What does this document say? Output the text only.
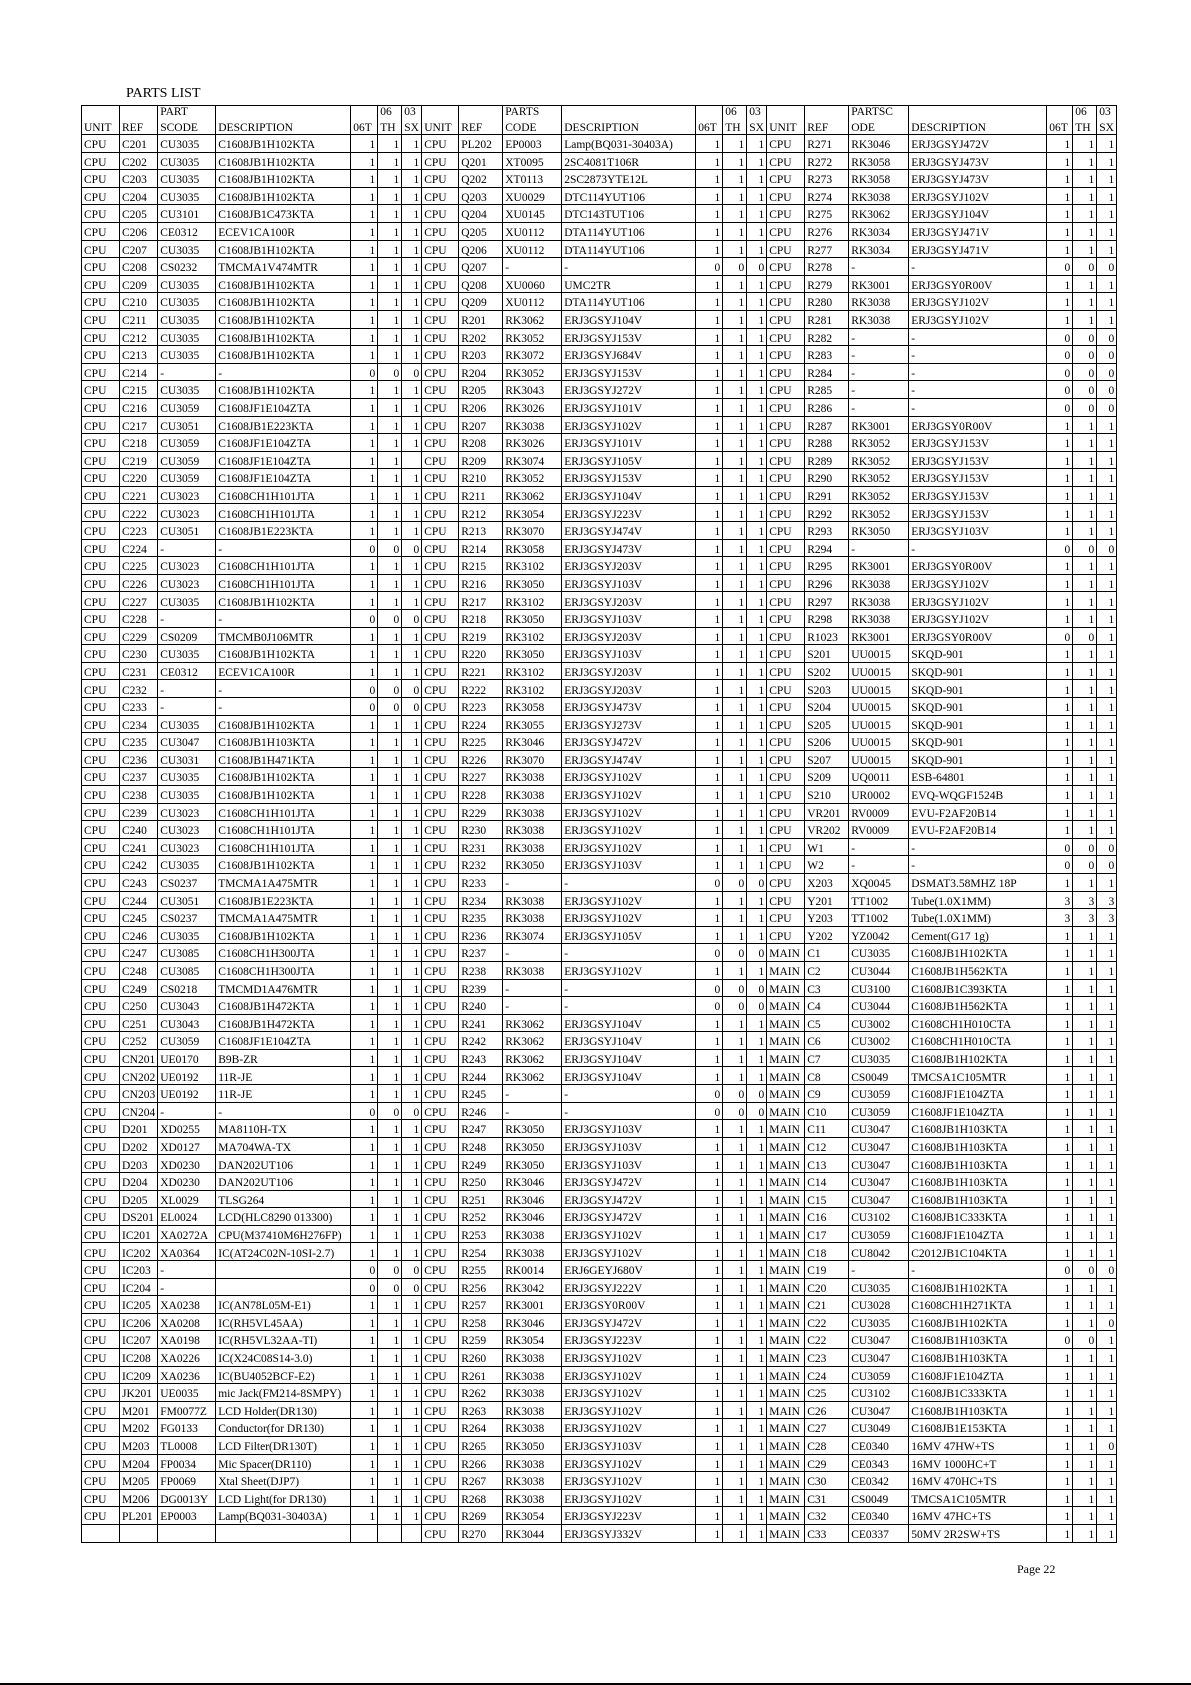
PARTS LIST
		PART			06	03			PARTS			06	03			PARTSC			06	03
UNIT	REF	SCODE	DESCRIPTION	06T	TH	SX	UNIT	REF	CODE	DESCRIPTION	06T	TH	SX	UNIT	REF	ODE	DESCRIPTION	06T	TH	SX
CPU	C201	CU3035	C1608JB1H102KTA	1	1	1	CPU	PL202	EP0003	Lamp(BQ031-30403A)	1	1	1	CPU	R271	RK3046	ERJ3GSYJ472V	1	1	1
CPU	C202	CU3035	C1608JB1H102KTA	1	1	1	CPU	Q201	XT0095	2SC4081T106R	1	1	1	CPU	R272	RK3058	ERJ3GSYJ473V	1	1	1
CPU	C203	CU3035	C1608JB1H102KTA	1	1	1	CPU	Q202	XT0113	2SC2873YTE12L	1	1	1	CPU	R273	RK3058	ERJ3GSYJ473V	1	1	1
CPU	C204	CU3035	C1608JB1H102KTA	1	1	1	CPU	Q203	XU0029	DTC114YUT106	1	1	1	CPU	R274	RK3038	ERJ3GSYJ102V	1	1	1
CPU	C205	CU3101	C1608JB1C473KTA	1	1	1	CPU	Q204	XU0145	DTC143TUT106	1	1	1	CPU	R275	RK3062	ERJ3GSYJ104V	1	1	1
CPU	C206	CE0312	ECEV1CA100R	1	1	1	CPU	Q205	XU0112	DTA114YUT106	1	1	1	CPU	R276	RK3034	ERJ3GSYJ471V	1	1	1
CPU	C207	CU3035	C1608JB1H102KTA	1	1	1	CPU	Q206	XU0112	DTA114YUT106	1	1	1	CPU	R277	RK3034	ERJ3GSYJ471V	1	1	1
CPU	C208	CS0232	TMCMA1V474MTR	1	1	1	CPU	Q207	-	-	0	0	0	CPU	R278	-	-	0	0	0
CPU	C209	CU3035	C1608JB1H102KTA	1	1	1	CPU	Q208	XU0060	UMC2TR	1	1	1	CPU	R279	RK3001	ERJ3GSY0R00V	1	1	1
CPU	C210	CU3035	C1608JB1H102KTA	1	1	1	CPU	Q209	XU0112	DTA114YUT106	1	1	1	CPU	R280	RK3038	ERJ3GSYJ102V	1	1	1
CPU	C211	CU3035	C1608JB1H102KTA	1	1	1	CPU	R201	RK3062	ERJ3GSYJ104V	1	1	1	CPU	R281	RK3038	ERJ3GSYJ102V	1	1	1
CPU	C212	CU3035	C1608JB1H102KTA	1	1	1	CPU	R202	RK3052	ERJ3GSYJ153V	1	1	1	CPU	R282	-	-	0	0	0
CPU	C213	CU3035	C1608JB1H102KTA	1	1	1	CPU	R203	RK3072	ERJ3GSYJ684V	1	1	1	CPU	R283	-	-	0	0	0
CPU	C214	-	-	0	0	0	CPU	R204	RK3052	ERJ3GSYJ153V	1	1	1	CPU	R284	-	-	0	0	0
CPU	C215	CU3035	C1608JB1H102KTA	1	1	1	CPU	R205	RK3043	ERJ3GSYJ272V	1	1	1	CPU	R285	-	-	0	0	0
CPU	C216	CU3059	C1608JF1E104ZTA	1	1	1	CPU	R206	RK3026	ERJ3GSYJ101V	1	1	1	CPU	R286	-	-	0	0	0
CPU	C217	CU3051	C1608JB1E223KTA	1	1	1	CPU	R207	RK3038	ERJ3GSYJ102V	1	1	1	CPU	R287	RK3001	ERJ3GSY0R00V	1	1	1
CPU	C218	CU3059	C1608JF1E104ZTA	1	1	1	CPU	R208	RK3026	ERJ3GSYJ101V	1	1	1	CPU	R288	RK3052	ERJ3GSYJ153V	1	1	1
CPU	C219	CU3059	C1608JF1E104ZTA	1	1		CPU	R209	RK3074	ERJ3GSYJ105V	1	1	1	CPU	R289	RK3052	ERJ3GSYJ153V	1	1	1
CPU	C220	CU3059	C1608JF1E104ZTA	1	1	1	CPU	R210	RK3052	ERJ3GSYJ153V	1	1	1	CPU	R290	RK3052	ERJ3GSYJ153V	1	1	1
CPU	C221	CU3023	C1608CH1H101JTA	1	1	1	CPU	R211	RK3062	ERJ3GSYJ104V	1	1	1	CPU	R291	RK3052	ERJ3GSYJ153V	1	1	1
CPU	C222	CU3023	C1608CH1H101JTA	1	1	1	CPU	R212	RK3054	ERJ3GSYJ223V	1	1	1	CPU	R292	RK3052	ERJ3GSYJ153V	1	1	1
CPU	C223	CU3051	C1608JB1E223KTA	1	1	1	CPU	R213	RK3070	ERJ3GSYJ474V	1	1	1	CPU	R293	RK3050	ERJ3GSYJ103V	1	1	1
CPU	C224	-	-	0	0	0	CPU	R214	RK3058	ERJ3GSYJ473V	1	1	1	CPU	R294	-	-	0	0	0
CPU	C225	CU3023	C1608CH1H101JTA	1	1	1	CPU	R215	RK3102	ERJ3GSYJ203V	1	1	1	CPU	R295	RK3001	ERJ3GSY0R00V	1	1	1
CPU	C226	CU3023	C1608CH1H101JTA	1	1	1	CPU	R216	RK3050	ERJ3GSYJ103V	1	1	1	CPU	R296	RK3038	ERJ3GSYJ102V	1	1	1
CPU	C227	CU3035	C1608JB1H102KTA	1	1	1	CPU	R217	RK3102	ERJ3GSYJ203V	1	1	1	CPU	R297	RK3038	ERJ3GSYJ102V	1	1	1
CPU	C228	-	-	0	0	0	CPU	R218	RK3050	ERJ3GSYJ103V	1	1	1	CPU	R298	RK3038	ERJ3GSYJ102V	1	1	1
CPU	C229	CS0209	TMCMB0J106MTR	1	1	1	CPU	R219	RK3102	ERJ3GSYJ203V	1	1	1	CPU	R1023	RK3001	ERJ3GSY0R00V	0	0	1
CPU	C230	CU3035	C1608JB1H102KTA	1	1	1	CPU	R220	RK3050	ERJ3GSYJ103V	1	1	1	CPU	S201	UU0015	SKQD-901	1	1	1
CPU	C231	CE0312	ECEV1CA100R	1	1	1	CPU	R221	RK3102	ERJ3GSYJ203V	1	1	1	CPU	S202	UU0015	SKQD-901	1	1	1
CPU	C232	-	-	0	0	0	CPU	R222	RK3102	ERJ3GSYJ203V	1	1	1	CPU	S203	UU0015	SKQD-901	1	1	1
CPU	C233	-	-	0	0	0	CPU	R223	RK3058	ERJ3GSYJ473V	1	1	1	CPU	S204	UU0015	SKQD-901	1	1	1
CPU	C234	CU3035	C1608JB1H102KTA	1	1	1	CPU	R224	RK3055	ERJ3GSYJ273V	1	1	1	CPU	S205	UU0015	SKQD-901	1	1	1
CPU	C235	CU3047	C1608JB1H103KTA	1	1	1	CPU	R225	RK3046	ERJ3GSYJ472V	1	1	1	CPU	S206	UU0015	SKQD-901	1	1	1
CPU	C236	CU3031	C1608JB1H471KTA	1	1	1	CPU	R226	RK3070	ERJ3GSYJ474V	1	1	1	CPU	S207	UU0015	SKQD-901	1	1	1
CPU	C237	CU3035	C1608JB1H102KTA	1	1	1	CPU	R227	RK3038	ERJ3GSYJ102V	1	1	1	CPU	S209	UQ0011	ESB-64801	1	1	1
CPU	C238	CU3035	C1608JB1H102KTA	1	1	1	CPU	R228	RK3038	ERJ3GSYJ102V	1	1	1	CPU	S210	UR0002	EVQ-WQGF1524B	1	1	1
CPU	C239	CU3023	C1608CH1H101JTA	1	1	1	CPU	R229	RK3038	ERJ3GSYJ102V	1	1	1	CPU	VR201	RV0009	EVU-F2AF20B14	1	1	1
CPU	C240	CU3023	C1608CH1H101JTA	1	1	1	CPU	R230	RK3038	ERJ3GSYJ102V	1	1	1	CPU	VR202	RV0009	EVU-F2AF20B14	1	1	1
CPU	C241	CU3023	C1608CH1H101JTA	1	1	1	CPU	R231	RK3038	ERJ3GSYJ102V	1	1	1	CPU	W1	-	-	0	0	0
CPU	C242	CU3035	C1608JB1H102KTA	1	1	1	CPU	R232	RK3050	ERJ3GSYJ103V	1	1	1	CPU	W2	-	-	0	0	0
CPU	C243	CS0237	TMCMA1A475MTR	1	1	1	CPU	R233	-	-	0	0	0	CPU	X203	XQ0045	DSMAT3.58MHZ 18P	1	1	1
CPU	C244	CU3051	C1608JB1E223KTA	1	1	1	CPU	R234	RK3038	ERJ3GSYJ102V	1	1	1	CPU	Y201	TT1002	Tube(1.0X1MM)	3	3	3
CPU	C245	CS0237	TMCMA1A475MTR	1	1	1	CPU	R235	RK3038	ERJ3GSYJ102V	1	1	1	CPU	Y203	TT1002	Tube(1.0X1MM)	3	3	3
CPU	C246	CU3035	C1608JB1H102KTA	1	1	1	CPU	R236	RK3074	ERJ3GSYJ105V	1	1	1	CPU	Y202	YZ0042	Cement(G17 1g)	1	1	1
CPU	C247	CU3085	C1608CH1H300JTA	1	1	1	CPU	R237	-	-	0	0	0	MAIN	C1	CU3035	C1608JB1H102KTA	1	1	1
CPU	C248	CU3085	C1608CH1H300JTA	1	1	1	CPU	R238	RK3038	ERJ3GSYJ102V	1	1	1	MAIN	C2	CU3044	C1608JB1H562KTA	1	1	1
CPU	C249	CS0218	TMCMD1A476MTR	1	1	1	CPU	R239	-	-	0	0	0	MAIN	C3	CU3100	C1608JB1C393KTA	1	1	1
CPU	C250	CU3043	C1608JB1H472KTA	1	1	1	CPU	R240	-	-	0	0	0	MAIN	C4	CU3044	C1608JB1H562KTA	1	1	1
CPU	C251	CU3043	C1608JB1H472KTA	1	1	1	CPU	R241	RK3062	ERJ3GSYJ104V	1	1	1	MAIN	C5	CU3002	C1608CH1H010CTA	1	1	1
CPU	C252	CU3059	C1608JF1E104ZTA	1	1	1	CPU	R242	RK3062	ERJ3GSYJ104V	1	1	1	MAIN	C6	CU3002	C1608CH1H010CTA	1	1	1
CPU	CN201	UE0170	B9B-ZR	1	1	1	CPU	R243	RK3062	ERJ3GSYJ104V	1	1	1	MAIN	C7	CU3035	C1608JB1H102KTA	1	1	1
CPU	CN202	UE0192	11R-JE	1	1	1	CPU	R244	RK3062	ERJ3GSYJ104V	1	1	1	MAIN	C8	CS0049	TMCSA1C105MTR	1	1	1
CPU	CN203	UE0192	11R-JE	1	1	1	CPU	R245	-	-	0	0	0	MAIN	C9	CU3059	C1608JF1E104ZTA	1	1	1
CPU	CN204	-	-	0	0	0	CPU	R246	-	-	0	0	0	MAIN	C10	CU3059	C1608JF1E104ZTA	1	1	1
CPU	D201	XD0255	MA8110H-TX	1	1	1	CPU	R247	RK3050	ERJ3GSYJ103V	1	1	1	MAIN	C11	CU3047	C1608JB1H103KTA	1	1	1
CPU	D202	XD0127	MA704WA-TX	1	1	1	CPU	R248	RK3050	ERJ3GSYJ103V	1	1	1	MAIN	C12	CU3047	C1608JB1H103KTA	1	1	1
CPU	D203	XD0230	DAN202UT106	1	1	1	CPU	R249	RK3050	ERJ3GSYJ103V	1	1	1	MAIN	C13	CU3047	C1608JB1H103KTA	1	1	1
CPU	D204	XD0230	DAN202UT106	1	1	1	CPU	R250	RK3046	ERJ3GSYJ472V	1	1	1	MAIN	C14	CU3047	C1608JB1H103KTA	1	1	1
CPU	D205	XL0029	TLSG264	1	1	1	CPU	R251	RK3046	ERJ3GSYJ472V	1	1	1	MAIN	C15	CU3047	C1608JB1H103KTA	1	1	1
CPU	DS201	EL0024	LCD(HLC8290 013300)	1	1	1	CPU	R252	RK3046	ERJ3GSYJ472V	1	1	1	MAIN	C16	CU3102	C1608JB1C333KTA	1	1	1
CPU	IC201	XA0272A	CPU(M37410M6H276FP)	1	1	1	CPU	R253	RK3038	ERJ3GSYJ102V	1	1	1	MAIN	C17	CU3059	C1608JF1E104ZTA	1	1	1
CPU	IC202	XA0364	IC(AT24C02N-10SI-2.7)	1	1	1	CPU	R254	RK3038	ERJ3GSYJ102V	1	1	1	MAIN	C18	CU8042	C2012JB1C104KTA	1	1	1
CPU	IC203	-		0	0	0	CPU	R255	RK0014	ERJ6GEYJ680V	1	1	1	MAIN	C19	-	-	0	0	0
CPU	IC204	-		0	0	0	CPU	R256	RK3042	ERJ3GSYJ222V	1	1	1	MAIN	C20	CU3035	C1608JB1H102KTA	1	1	1
CPU	IC205	XA0238	IC(AN78L05M-E1)	1	1	1	CPU	R257	RK3001	ERJ3GSY0R00V	1	1	1	MAIN	C21	CU3028	C1608CH1H271KTA	1	1	1
CPU	IC206	XA0208	IC(RH5VL45AA)	1	1	1	CPU	R258	RK3046	ERJ3GSYJ472V	1	1	1	MAIN	C22	CU3035	C1608JB1H102KTA	1	1	0
CPU	IC207	XA0198	IC(RH5VL32AA-TI)	1	1	1	CPU	R259	RK3054	ERJ3GSYJ223V	1	1	1	MAIN	C22	CU3047	C1608JB1H103KTA	0	0	1
CPU	IC208	XA0226	IC(X24C08S14-3.0)	1	1	1	CPU	R260	RK3038	ERJ3GSYJ102V	1	1	1	MAIN	C23	CU3047	C1608JB1H103KTA	1	1	1
CPU	IC209	XA0236	IC(BU4052BCF-E2)	1	1	1	CPU	R261	RK3038	ERJ3GSYJ102V	1	1	1	MAIN	C24	CU3059	C1608JF1E104ZTA	1	1	1
CPU	JK201	UE0035	mic Jack(FM214-8SMPY)	1	1	1	CPU	R262	RK3038	ERJ3GSYJ102V	1	1	1	MAIN	C25	CU3102	C1608JB1C333KTA	1	1	1
CPU	M201	FM0077Z	LCD Holder(DR130)	1	1	1	CPU	R263	RK3038	ERJ3GSYJ102V	1	1	1	MAIN	C26	CU3047	C1608JB1H103KTA	1	1	1
CPU	M202	FG0133	Conductor(for DR130)	1	1	1	CPU	R264	RK3038	ERJ3GSYJ102V	1	1	1	MAIN	C27	CU3049	C1608JB1E153KTA	1	1	1
CPU	M203	TL0008	LCD Filter(DR130T)	1	1	1	CPU	R265	RK3050	ERJ3GSYJ103V	1	1	1	MAIN	C28	CE0340	16MV 47HW+TS	1	1	0
CPU	M204	FP0034	Mic Spacer(DR110)	1	1	1	CPU	R266	RK3038	ERJ3GSYJ102V	1	1	1	MAIN	C29	CE0343	16MV 1000HC+T	1	1	1
CPU	M205	FP0069	Xtal Sheet(DJP7)	1	1	1	CPU	R267	RK3038	ERJ3GSYJ102V	1	1	1	MAIN	C30	CE0342	16MV 470HC+TS	1	1	1
CPU	M206	DG0013Y	LCD Light(for DR130)	1	1	1	CPU	R268	RK3038	ERJ3GSYJ102V	1	1	1	MAIN	C31	CS0049	TMCSA1C105MTR	1	1	1
CPU	PL201	EP0003	Lamp(BQ031-30403A)	1	1	1	CPU	R269	RK3054	ERJ3GSYJ223V	1	1	1	MAIN	C32	CE0340	16MV 47HC+TS	1	1	1
							CPU	R270	RK3044	ERJ3GSYJ332V	1	1	1	MAIN	C33	CE0337	50MV 2R2SW+TS	1	1	1
Page 22
